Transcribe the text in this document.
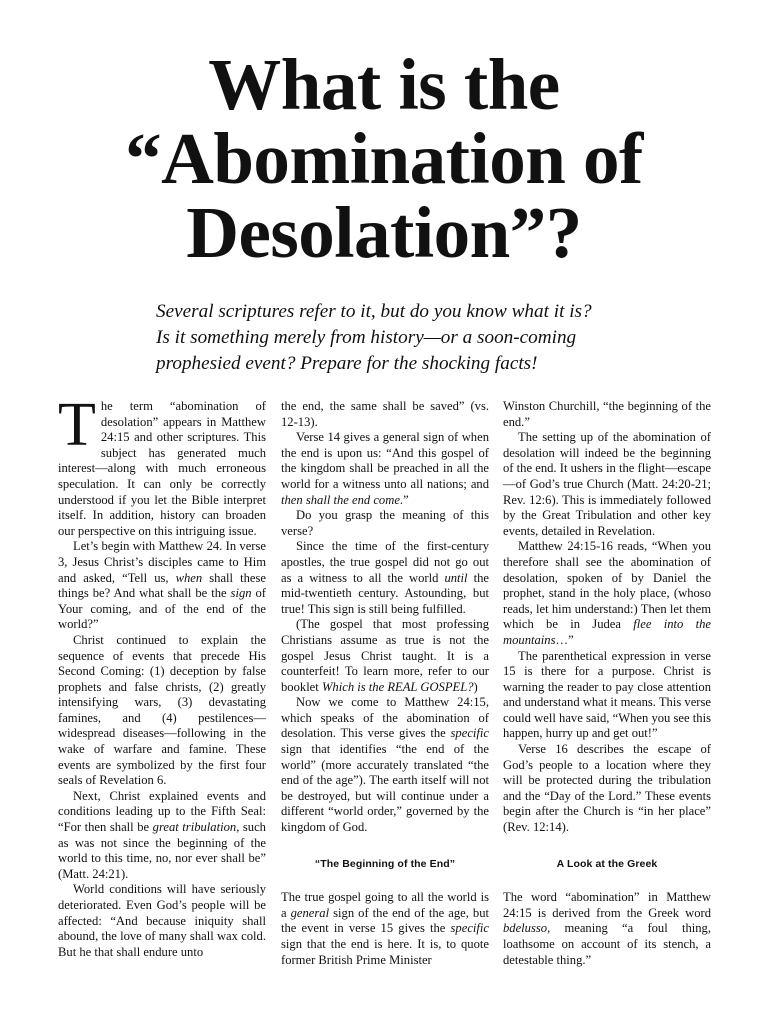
What is the
“Abomination of
Desolation”?
Several scriptures refer to it, but do you know what it is?
Is it something merely from history—or a soon-coming
prophesied event? Prepare for the shocking facts!

The term “abomination of desolation” appears in Matthew 24:15 and other scriptures. This subject has generated much interest—along with much erroneous speculation. It can only be correctly understood if you let the Bible interpret itself. In addition, history can broaden our perspective on this intriguing issue.

Let’s begin with Matthew 24. In verse 3, Jesus Christ’s disciples came to Him and asked, “Tell us, when shall these things be? And what shall be the sign of Your coming, and of the end of the world?”

Christ continued to explain the sequence of events that precede His Second Coming: (1) deception by false prophets and false christs, (2) greatly intensifying wars, (3) devastating famines, and (4) pestilences—widespread diseases—following in the wake of warfare and famine. These events are symbolized by the first four seals of Revelation 6.

Next, Christ explained events and conditions leading up to the Fifth Seal: “For then shall be great tribulation, such as was not since the beginning of the world to this time, no, nor ever shall be” (Matt. 24:21).

World conditions will have seriously deteriorated. Even God’s people will be affected: “And because iniquity shall abound, the love of many shall wax cold. But he that shall endure unto

the end, the same shall be saved” (vs. 12-13).

Verse 14 gives a general sign of when the end is upon us: “And this gospel of the kingdom shall be preached in all the world for a witness unto all nations; and then shall the end come.”

Do you grasp the meaning of this verse?

Since the time of the first-century apostles, the true gospel did not go out as a witness to all the world until the mid-twentieth century. Astounding, but true! This sign is still being fulfilled.

(The gospel that most professing Christians assume as true is not the gospel Jesus Christ taught. It is a counterfeit! To learn more, refer to our booklet Which is the REAL GOSPEL?)

Now we come to Matthew 24:15, which speaks of the abomination of desolation. This verse gives the specific sign that identifies “the end of the world” (more accurately translated “the end of the age”). The earth itself will not be destroyed, but will continue under a different “world order,” governed by the kingdom of God.

“The Beginning of the End”

The true gospel going to all the world is a general sign of the end of the age, but the event in verse 15 gives the specific sign that the end is here. It is, to quote former British Prime Minister

Winston Churchill, “the beginning of the end.”

The setting up of the abomination of desolation will indeed be the beginning of the end. It ushers in the flight—escape—of God’s true Church (Matt. 24:20-21; Rev. 12:6). This is immediately followed by the Great Tribulation and other key events, detailed in Revelation.

Matthew 24:15-16 reads, “When you therefore shall see the abomination of desolation, spoken of by Daniel the prophet, stand in the holy place, (whoso reads, let him understand:) Then let them which be in Judea flee into the mountains…”

The parenthetical expression in verse 15 is there for a purpose. Christ is warning the reader to pay close attention and understand what it means. This verse could well have said, “When you see this happen, hurry up and get out!”

Verse 16 describes the escape of God’s people to a location where they will be protected during the tribulation and the “Day of the Lord.” These events begin after the Church is “in her place” (Rev. 12:14).

A Look at the Greek

The word “abomination” in Matthew 24:15 is derived from the Greek word bdelusso, meaning “a foul thing, loathsome on account of its stench, a detestable thing.”
